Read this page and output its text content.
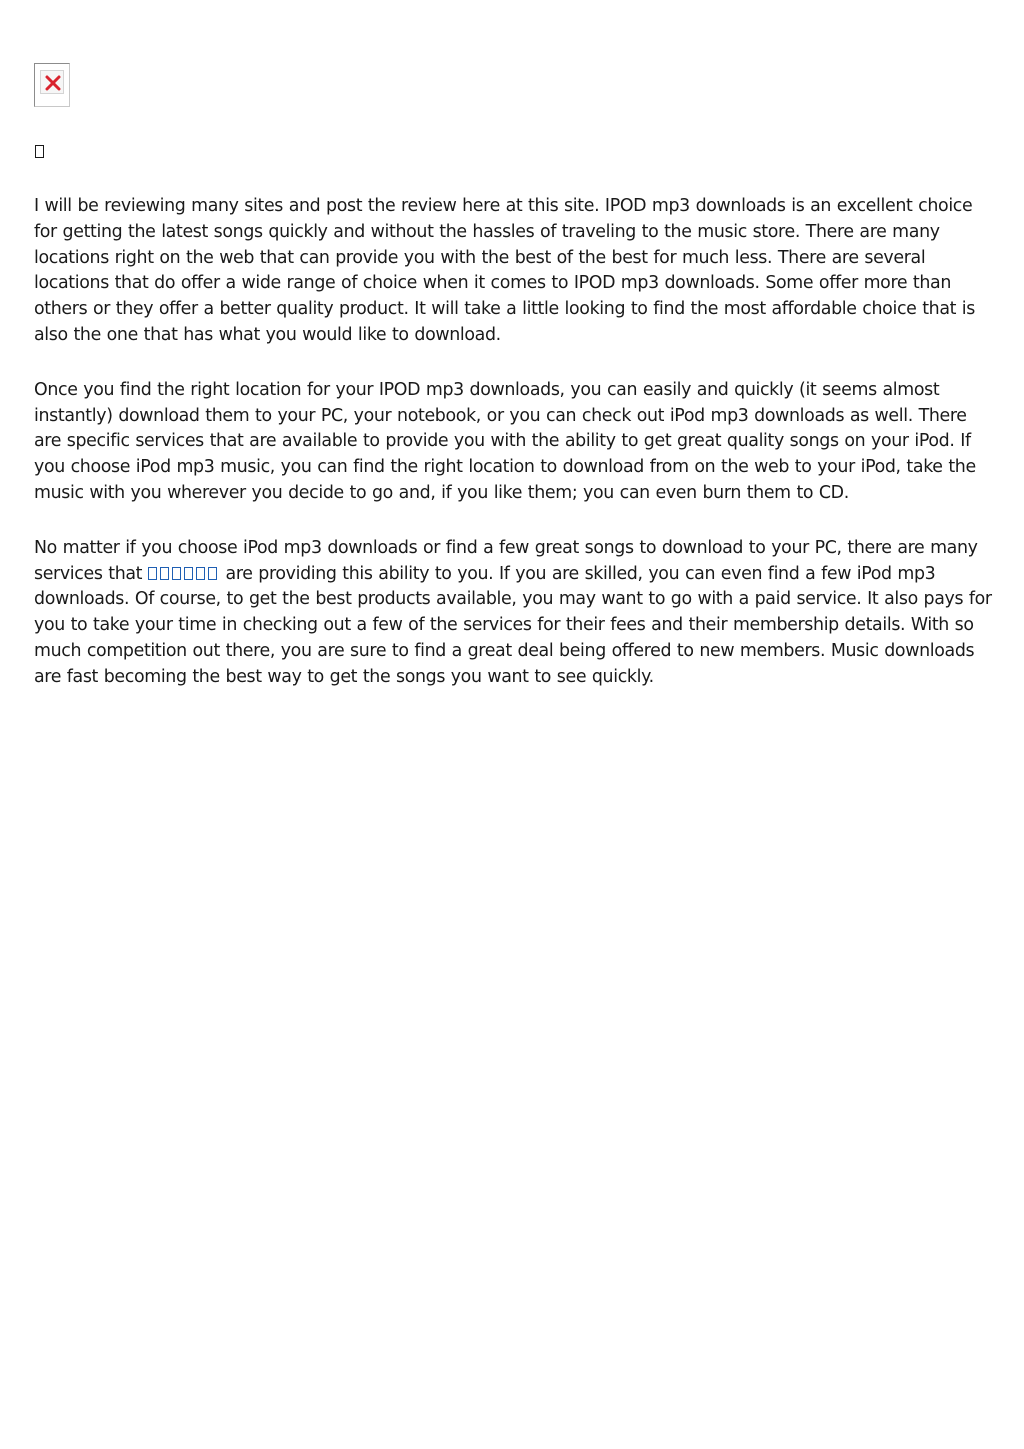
I will be reviewing many sites and post the review here at this site. IPOD mp3 downloads is an excellent choice for getting the latest songs quickly and without the hassles of traveling to the music store. There are many locations right on the web that can provide you with the best of the best for much less. There are several locations that do offer a wide range of choice when it comes to IPOD mp3 downloads. Some offer more than others or they offer a better quality product. It will take a little looking to find the most affordable choice that is also the one that has what you would like to download.

Once you find the right location for your IPOD mp3 downloads, you can easily and quickly (it seems almost instantly) download them to your PC, your notebook, or you can check out iPod mp3 downloads as well. There are specific services that are available to provide you with the ability to get great quality songs on your iPod. If you choose iPod mp3 music, you can find the right location to download from on the web to your iPod, take the music with you wherever you decide to go and, if you like them; you can even burn them to CD.

No matter if you choose iPod mp3 downloads or find a few great songs to download to your PC, there are many services that	are providing this ability to you. If you are skilled, you can even find a few iPod mp3 downloads. Of course, to get the best products available, you may want to go with a paid service. It also pays for you to take your time in checking out a few of the services for their fees and their membership details. With so much competition out there, you are sure to find a great deal being offered to new members. Music downloads are fast becoming the best way to get the songs you want to see quickly.
